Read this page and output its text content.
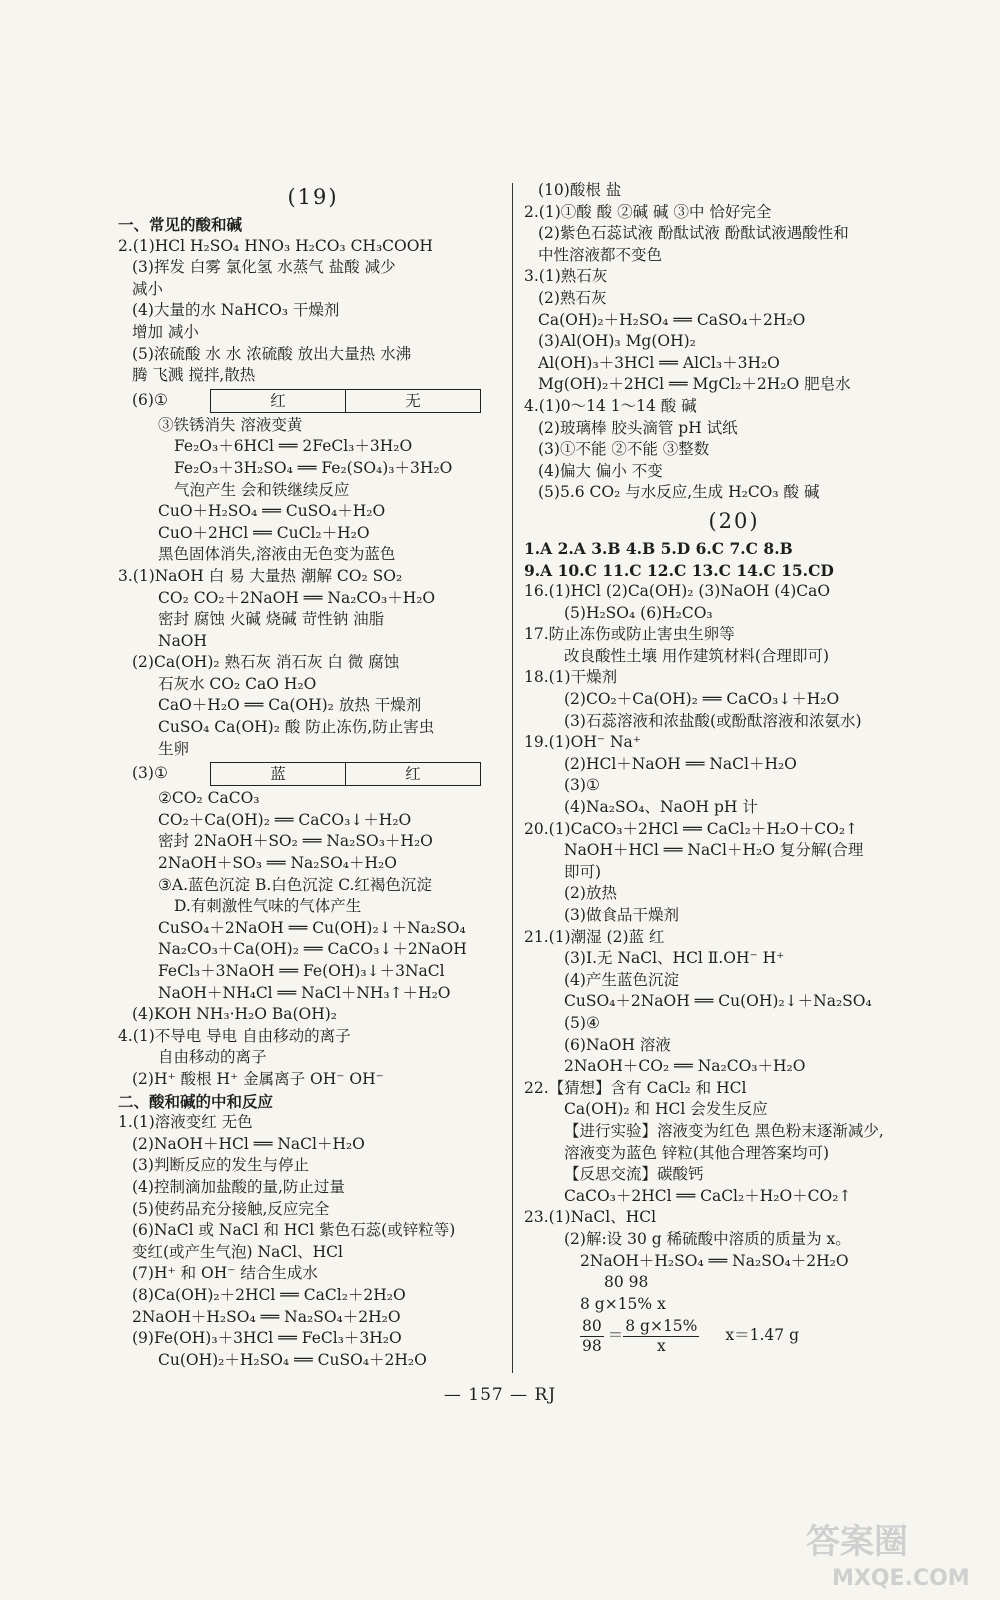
(19)
一、常见的酸和碱
2.(1)HCl H₂SO₄ HNO₃ H₂CO₃ CH₃COOH
(3)挥发 白雾 氯化氢 水蒸气 盐酸 减少
减小
(4)大量的水 NaHCO₃ 干燥剂
增加 减小
(5)浓硫酸 水 水 浓硫酸 放出大量热 水沸
腾 飞溅 搅拌,散热
(6)①	红	无
③铁锈消失 溶液变黄
Fe₂O₃＋6HCl ══ 2FeCl₃＋3H₂O
Fe₂O₃＋3H₂SO₄ ══ Fe₂(SO₄)₃＋3H₂O
气泡产生 会和铁继续反应
CuO＋H₂SO₄ ══ CuSO₄＋H₂O
CuO＋2HCl ══ CuCl₂＋H₂O
黑色固体消失,溶液由无色变为蓝色
3.(1)NaOH 白 易 大量热 潮解 CO₂ SO₂
CO₂ CO₂＋2NaOH ══ Na₂CO₃＋H₂O
密封 腐蚀 火碱 烧碱 苛性钠 油脂
NaOH
(2)Ca(OH)₂ 熟石灰 消石灰 白 微 腐蚀
石灰水 CO₂ CaO H₂O
CaO＋H₂O ══ Ca(OH)₂ 放热 干燥剂
CuSO₄ Ca(OH)₂ 酸 防止冻伤,防止害虫
生卵
(3)①	蓝	红
②CO₂ CaCO₃
CO₂＋Ca(OH)₂ ══ CaCO₃↓＋H₂O
密封 2NaOH＋SO₂ ══ Na₂SO₃＋H₂O
2NaOH＋SO₃ ══ Na₂SO₄＋H₂O
③A.蓝色沉淀 B.白色沉淀 C.红褐色沉淀
D.有刺激性气味的气体产生
CuSO₄＋2NaOH ══ Cu(OH)₂↓＋Na₂SO₄
Na₂CO₃＋Ca(OH)₂ ══ CaCO₃↓＋2NaOH
FeCl₃＋3NaOH ══ Fe(OH)₃↓＋3NaCl
NaOH＋NH₄Cl ══ NaCl＋NH₃↑＋H₂O
(4)KOH NH₃·H₂O Ba(OH)₂
4.(1)不导电 导电 自由移动的离子
自由移动的离子
(2)H⁺ 酸根 H⁺ 金属离子 OH⁻ OH⁻
二、酸和碱的中和反应
1.(1)溶液变红 无色
(2)NaOH＋HCl ══ NaCl＋H₂O
(3)判断反应的发生与停止
(4)控制滴加盐酸的量,防止过量
(5)使药品充分接触,反应完全
(6)NaCl 或 NaCl 和 HCl 紫色石蕊(或锌粒等)
变红(或产生气泡) NaCl、HCl
(7)H⁺ 和 OH⁻ 结合生成水
(8)Ca(OH)₂＋2HCl ══ CaCl₂＋2H₂O
2NaOH＋H₂SO₄ ══ Na₂SO₄＋2H₂O
(9)Fe(OH)₃＋3HCl ══ FeCl₃＋3H₂O
Cu(OH)₂＋H₂SO₄ ══ CuSO₄＋2H₂O
(10)酸根 盐
2.(1)①酸 酸 ②碱 碱 ③中 恰好完全
(2)紫色石蕊试液 酚酞试液 酚酞试液遇酸性和
中性溶液都不变色
3.(1)熟石灰
(2)熟石灰
Ca(OH)₂＋H₂SO₄ ══ CaSO₄＋2H₂O
(3)Al(OH)₃ Mg(OH)₂
Al(OH)₃＋3HCl ══ AlCl₃＋3H₂O
Mg(OH)₂＋2HCl ══ MgCl₂＋2H₂O 肥皂水
4.(1)0～14 1～14 酸 碱
(2)玻璃棒 胶头滴管 pH 试纸
(3)①不能 ②不能 ③整数
(4)偏大 偏小 不变
(5)5.6 CO₂ 与水反应,生成 H₂CO₃ 酸 碱
(20)
1.A 2.A 3.B 4.B 5.D 6.C 7.C 8.B
9.A 10.C 11.C 12.C 13.C 14.C 15.CD
16.(1)HCl (2)Ca(OH)₂ (3)NaOH (4)CaO
(5)H₂SO₄ (6)H₂CO₃
17.防止冻伤或防止害虫生卵等
改良酸性土壤 用作建筑材料(合理即可)
18.(1)干燥剂
(2)CO₂＋Ca(OH)₂ ══ CaCO₃↓＋H₂O
(3)石蕊溶液和浓盐酸(或酚酞溶液和浓氨水)
19.(1)OH⁻ Na⁺
(2)HCl＋NaOH ══ NaCl＋H₂O
(3)①
(4)Na₂SO₄、NaOH pH 计
20.(1)CaCO₃＋2HCl ══ CaCl₂＋H₂O＋CO₂↑
NaOH＋HCl ══ NaCl＋H₂O 复分解(合理
即可)
(2)放热
(3)做食品干燥剂
21.(1)潮湿 (2)蓝 红
(3)Ⅰ.无 NaCl、HCl Ⅱ.OH⁻ H⁺
(4)产生蓝色沉淀
CuSO₄＋2NaOH ══ Cu(OH)₂↓＋Na₂SO₄
(5)④
(6)NaOH 溶液
2NaOH＋CO₂ ══ Na₂CO₃＋H₂O
22.【猜想】含有 CaCl₂ 和 HCl
Ca(OH)₂ 和 HCl 会发生反应
【进行实验】溶液变为红色 黑色粉末逐渐减少,
溶液变为蓝色 锌粒(其他合理答案均可)
【反思交流】碳酸钙
CaCO₃＋2HCl ══ CaCl₂＋H₂O＋CO₂↑
23.(1)NaCl、HCl
(2)解:设 30 g 稀硫酸中溶质的质量为 x。
2NaOH＋H₂SO₄ ══ Na₂SO₄＋2H₂O
80 98
8 g×15% x
$\frac{80}{98} = \frac{8 g\times 15\%}{x} x=1.47$ g
— 157 — RJ
答案圈
MXQE.COM
